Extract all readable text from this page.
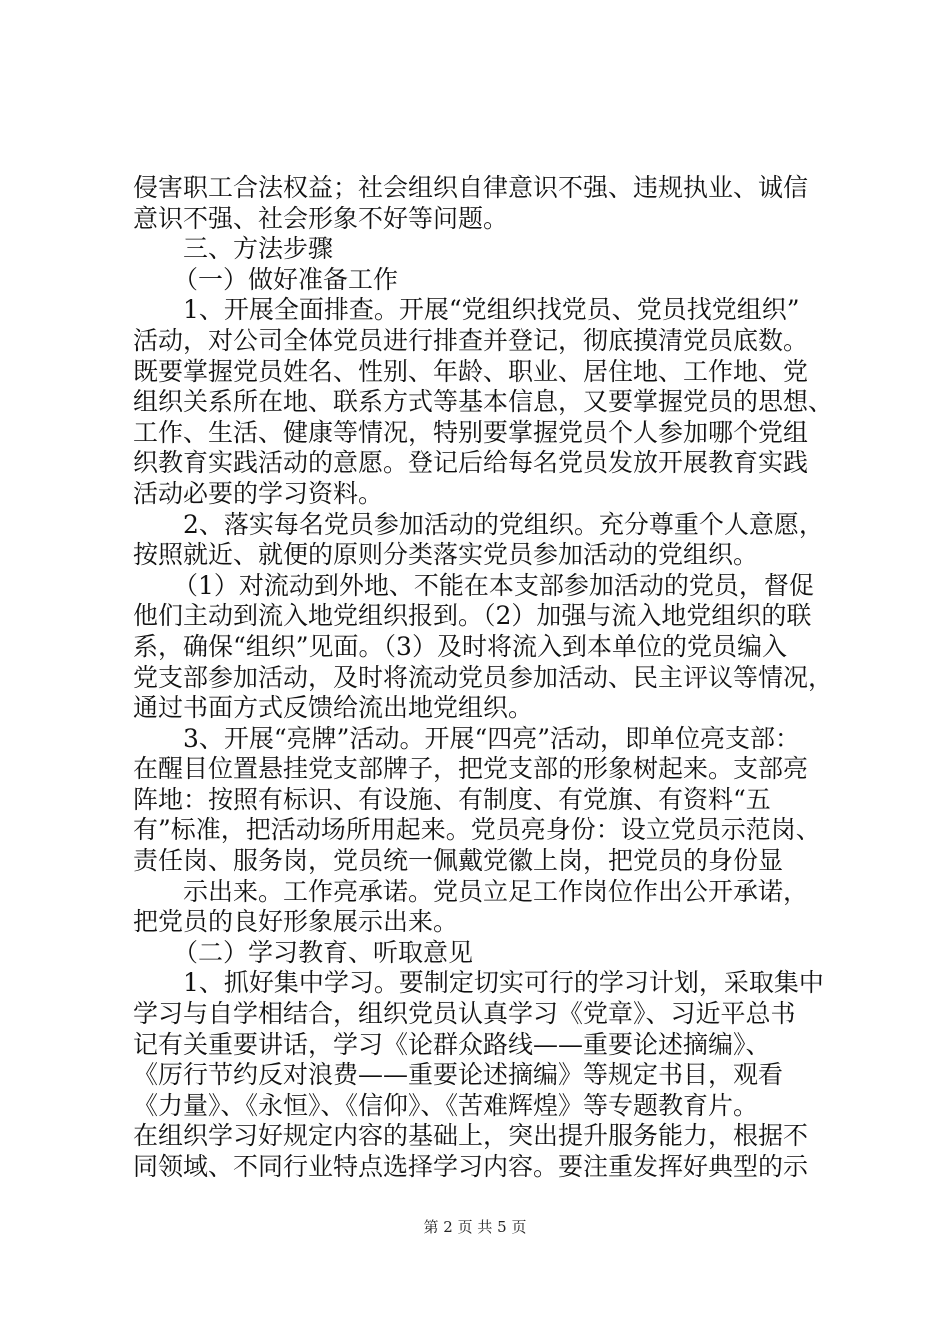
侵害职工合法权益；社会组织自律意识不强、违规执业、诚信
意识不强、社会形象不好等问题。
三、方法步骤
（一）做好准备工作
1、开展全面排查。开展“党组织找党员、党员找党组织”
活动，对公司全体党员进行排查并登记，彻底摸清党员底数。
既要掌握党员姓名、性别、年龄、职业、居住地、工作地、党
组织关系所在地、联系方式等基本信息，又要掌握党员的思想、
工作、生活、健康等情况，特别要掌握党员个人参加哪个党组
织教育实践活动的意愿。登记后给每名党员发放开展教育实践
活动必要的学习资料。
2、落实每名党员参加活动的党组织。充分尊重个人意愿，
按照就近、就便的原则分类落实党员参加活动的党组织。
（1）对流动到外地、不能在本支部参加活动的党员，督促
他们主动到流入地党组织报到。（2）加强与流入地党组织的联
系，确保“组织”见面。（3）及时将流入到本单位的党员编入
党支部参加活动，及时将流动党员参加活动、民主评议等情况，
通过书面方式反馈给流出地党组织。
3、开展“亮牌”活动。开展“四亮”活动，即单位亮支部：
在醒目位置悬挂党支部牌子，把党支部的形象树起来。支部亮
阵地：按照有标识、有设施、有制度、有党旗、有资料“五
有”标准，把活动场所用起来。党员亮身份：设立党员示范岗、
责任岗、服务岗，党员统一佩戴党徽上岗，把党员的身份显
示出来。工作亮承诺。党员立足工作岗位作出公开承诺，
把党员的良好形象展示出来。
（二）学习教育、听取意见
1、抓好集中学习。要制定切实可行的学习计划，采取集中
学习与自学相结合，组织党员认真学习《党章》、习近平总书
记有关重要讲话，学习《论群众路线——重要论述摘编》、
《厉行节约反对浪费——重要论述摘编》等规定书目，观看
《力量》、《永恒》、《信仰》、《苦难辉煌》等专题教育片。
在组织学习好规定内容的基础上，突出提升服务能力，根据不
同领域、不同行业特点选择学习内容。要注重发挥好典型的示
第 2 页 共 5 页
